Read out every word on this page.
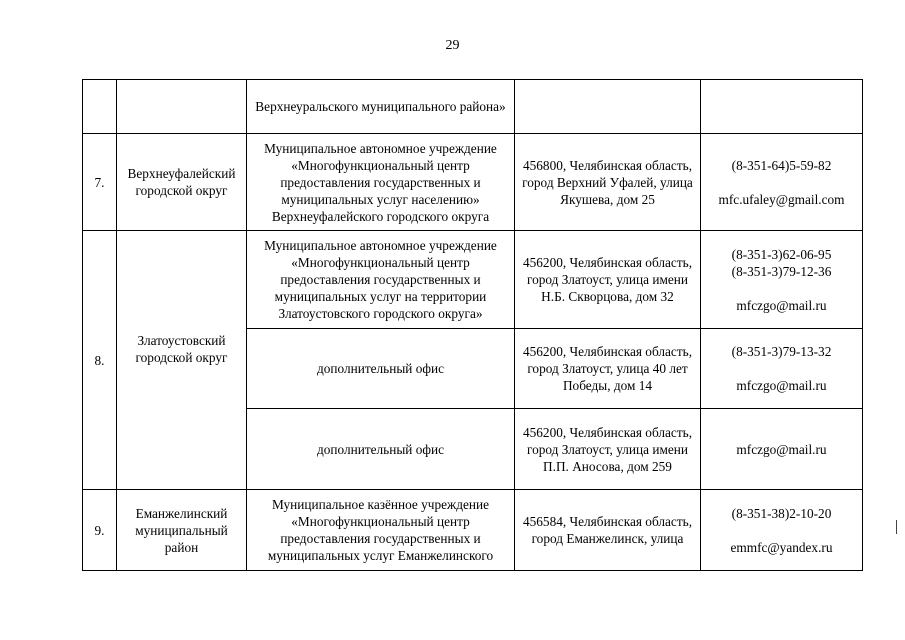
29
		Верхнеуральского муниципального района»		
7.	Верхнеуфалейский городской округ	Муниципальное автономное учреждение «Многофункциональный центр предоставления государственных и муниципальных услуг населению» Верхнеуфалейского городского округа	456800, Челябинская область, город Верхний Уфалей, улица Якушева, дом 25	(8-351-64)5-59-82
mfc.ufaley@gmail.com

8.	Златоустовский городской округ	Муниципальное автономное учреждение «Многофункциональный центр предоставления государственных и муниципальных услуг на территории Златоустовского городского округа»	456200, Челябинская область, город Златоуст, улица имени Н.Б. Скворцова, дом 32	(8-351-3)62-06-95
(8-351-3)79-12-36
mfczgo@mail.ru

		дополнительный офис	456200, Челябинская область, город Златоуст, улица 40 лет Победы, дом 14	(8-351-3)79-13-32
mfczgo@mail.ru

		дополнительный офис	456200, Челябинская область, город Златоуст, улица имени П.П. Аносова, дом 259	mfczgo@mail.ru

9.	Еманжелинский муниципальный район	Муниципальное казённое учреждение «Многофункциональный центр предоставления государственных и муниципальных услуг Еманжелинского	456584, Челябинская область, город Еманжелинск, улица	(8-351-38)2-10-20
emmfc@yandex.ru
